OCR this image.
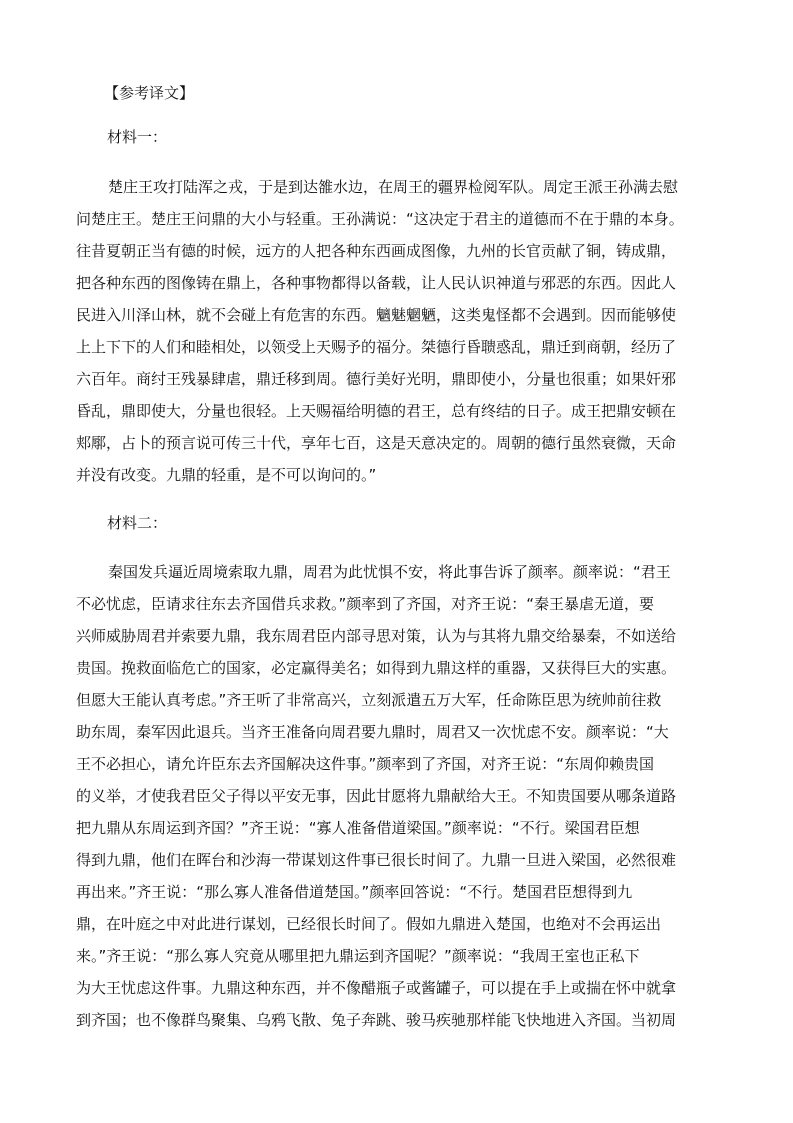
【参考译文】
材料一：
楚庄王攻打陆浑之戎，于是到达雒水边，在周王的疆界检阅军队。周定王派王孙满去慰
问楚庄王。楚庄王问鼎的大小与轻重。王孙满说：“这决定于君主的道德而不在于鼎的本身。
往昔夏朝正当有德的时候，远方的人把各种东西画成图像，九州的长官贡献了铜，铸成鼎，
把各种东西的图像铸在鼎上，各种事物都得以备载，让人民认识神道与邪恶的东西。因此人
民进入川泽山林，就不会碰上有危害的东西。魑魅魍魉，这类鬼怪都不会遇到。因而能够使
上上下下的人们和睦相处，以领受上天赐予的福分。桀德行昏聩惑乱，鼎迁到商朝，经历了
六百年。商纣王残暴肆虐，鼎迁移到周。德行美好光明，鼎即使小，分量也很重；如果奸邪
昏乱，鼎即使大，分量也很轻。上天赐福给明德的君王，总有终结的日子。成王把鼎安顿在
郏鄏，占卜的预言说可传三十代，享年七百，这是天意决定的。周朝的德行虽然衰微，天命
并没有改变。九鼎的轻重，是不可以询问的。”
材料二：
秦国发兵逼近周境索取九鼎，周君为此忧惧不安，将此事告诉了颜率。颜率说：“君王
不必忧虑，臣请求往东去齐国借兵求救。”颜率到了齐国，对齐王说：“秦王暴虐无道，要
兴师威胁周君并索要九鼎，我东周君臣内部寻思对策，认为与其将九鼎交给暴秦，不如送给
贵国。挽救面临危亡的国家，必定赢得美名；如得到九鼎这样的重器，又获得巨大的实惠。
但愿大王能认真考虑。”齐王听了非常高兴，立刻派遣五万大军，任命陈臣思为统帅前往救
助东周，秦军因此退兵。当齐王准备向周君要九鼎时，周君又一次忧虑不安。颜率说：“大
王不必担心，请允许臣东去齐国解决这件事。”颜率到了齐国，对齐王说：“东周仰赖贵国
的义举，才使我君臣父子得以平安无事，因此甘愿将九鼎献给大王。不知贵国要从哪条道路
把九鼎从东周运到齐国？”齐王说：“寡人准备借道梁国。”颜率说：“不行。梁国君臣想
得到九鼎，他们在晖台和沙海一带谋划这件事已很长时间了。九鼎一旦进入梁国，必然很难
再出来。”齐王说：“那么寡人准备借道楚国。”颜率回答说：“不行。楚国君臣想得到九
鼎，在叶庭之中对此进行谋划，已经很长时间了。假如九鼎进入楚国，也绝对不会再运出
来。”齐王说：“那么寡人究竟从哪里把九鼎运到齐国呢？”颜率说：“我周王室也正私下
为大王忧虑这件事。九鼎这种东西，并不像醋瓶子或酱罐子，可以提在手上或揣在怀中就拿
到齐国；也不像群鸟聚集、乌鸦飞散、兔子奔跳、骏马疾驰那样能飞快地进入齐国。当初周
